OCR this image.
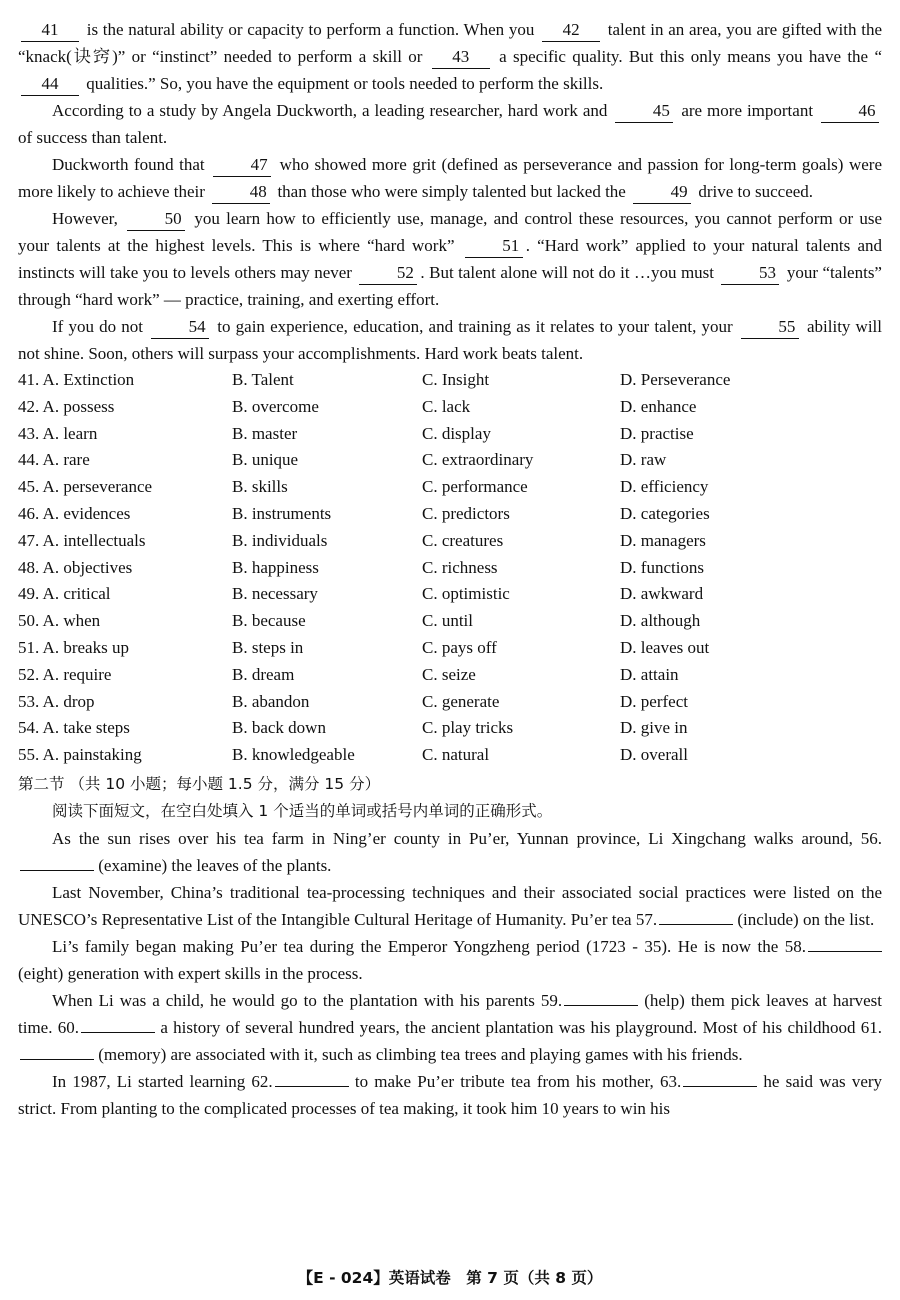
41 is the natural ability or capacity to perform a function. When you 42 talent in an area, you are gifted with the “knack(诀窍)” or “instinct” needed to perform a skill or 43 a specific quality. But this only means you have the “44 qualities.” So, you have the equipment or tools needed to perform the skills.

According to a study by Angela Duckworth, a leading researcher, hard work and 45 are more important 46 of success than talent.

Duckworth found that 47 who showed more grit (defined as perseverance and passion for long-term goals) were more likely to achieve their 48 than those who were simply talented but lacked the 49 drive to succeed.

However, 50 you learn how to efficiently use, manage, and control these resources, you cannot perform or use your talents at the highest levels. This is where “hard work” 51 . “Hard work” applied to your natural talents and instincts will take you to levels others may never 52 . But talent alone will not do it …you must 53 your “talents” through “hard work” — practice, training, and exerting effort.

If you do not 54 to gain experience, education, and training as it relates to your talent, your 55 ability will not shine. Soon, others will surpass your accomplishments. Hard work beats talent.

41. A. Extinction	B. Talent	C. Insight	D. Perseverance
42. A. possess	B. overcome	C. lack	D. enhance
43. A. learn	B. master	C. display	D. practise
44. A. rare	B. unique	C. extraordinary	D. raw
45. A. perseverance	B. skills	C. performance	D. efficiency
46. A. evidences	B. instruments	C. predictors	D. categories
47. A. intellectuals	B. individuals	C. creatures	D. managers
48. A. objectives	B. happiness	C. richness	D. functions
49. A. critical	B. necessary	C. optimistic	D. awkward
50. A. when	B. because	C. until	D. although
51. A. breaks up	B. steps in	C. pays off	D. leaves out
52. A. require	B. dream	C. seize	D. attain
53. A. drop	B. abandon	C. generate	D. perfect
54. A. take steps	B. back down	C. play tricks	D. give in
55. A. painstaking	B. knowledgeable	C. natural	D. overall
第二节 （共 10 小题；每小题 1.5 分，满分 15 分）

阅读下面短文，在空白处填入 1 个适当的单词或括号内单词的正确形式。

As the sun rises over his tea farm in Ning’er county in Pu’er, Yunnan province, Li Xingchang walks around, 56. (examine) the leaves of the plants.

Last November, China’s traditional tea-processing techniques and their associated social practices were listed on the UNESCO’s Representative List of the Intangible Cultural Heritage of Humanity. Pu’er tea 57.	(include) on the list.

Li’s family began making Pu’er tea during the Emperor Yongzheng period (1723 - 35). He is now the 58. (eight) generation with expert skills in the process.

When Li was a child, he would go to the plantation with his parents 59.	(help) them pick leaves at harvest time. 60.	a history of several hundred years, the ancient plantation was his playground. Most of his childhood 61. (memory) are associated with it, such as climbing tea trees and playing games with his friends.

In 1987, Li started learning 62.	to make Pu’er tribute tea from his mother, 63.	he said was very strict. From planting to the complicated processes of tea making, it took him 10 years to win his

【E - 024】英语试卷　第 7 页（共 8 页）
